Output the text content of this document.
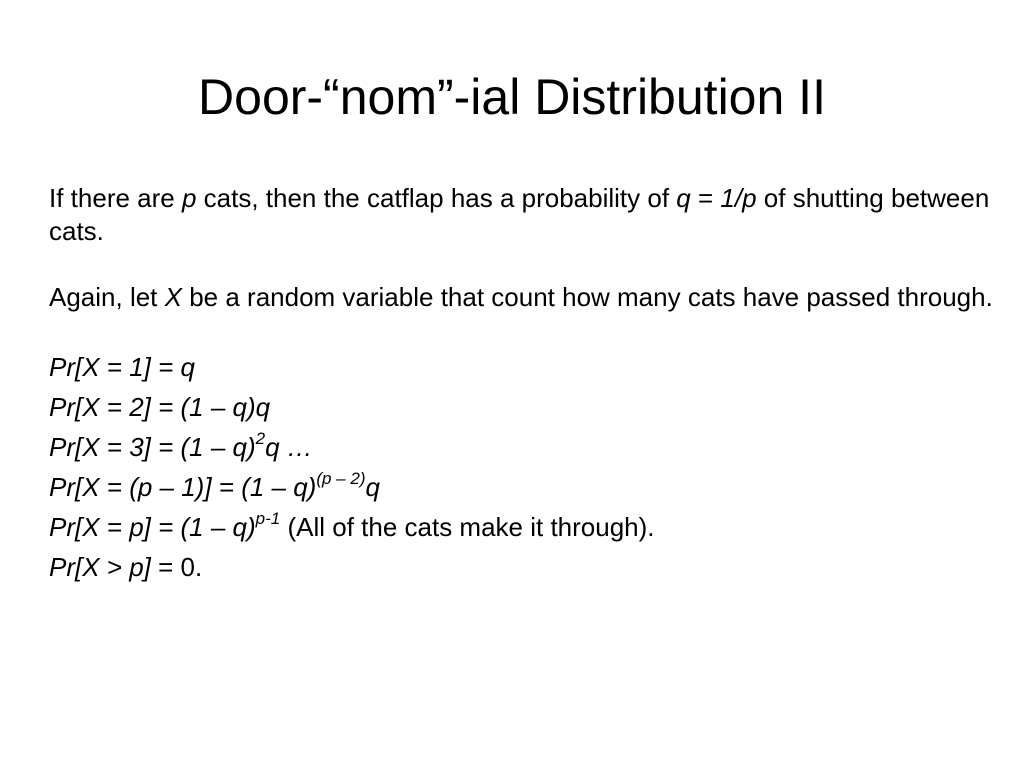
Door-“nom”-ial Distribution II

If there are p cats, then the catflap has a probability of q = 1/p of shutting between cats.

Again, let X be a random variable that count how many cats have passed through.

Pr[X = 1] = q

Pr[X = 2] = (1 – q)q

Pr[X = 3] = (1 – q)$^2$q …

Pr[X = (p – 1)] = (1 – q)$^{(p - 2)}$q

Pr[X = p] = (1 – q)$^{p-1}$ (All of the cats make it through).

Pr[X > p] = 0.
